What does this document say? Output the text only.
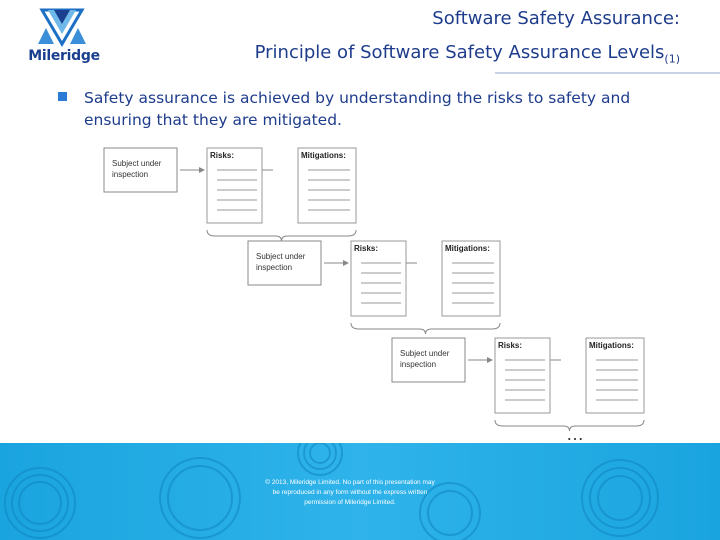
Mileridge
Software Safety Assurance:
Principle of Software Safety Assurance Levels$_{(1)}$
Safety assurance is achieved by understanding the risks to safety and ensuring that they are mitigated.
Subject under
inspection
Risks:	Mitigations:
Subject under
inspection
Risks:	Mitigations:
Subject under
inspection
Risks:	Mitigations:
…
© 2013, Mileridge Limited. No part of this presentation may
be reproduced in any form without the express written
permission of Mileridge Limited.
